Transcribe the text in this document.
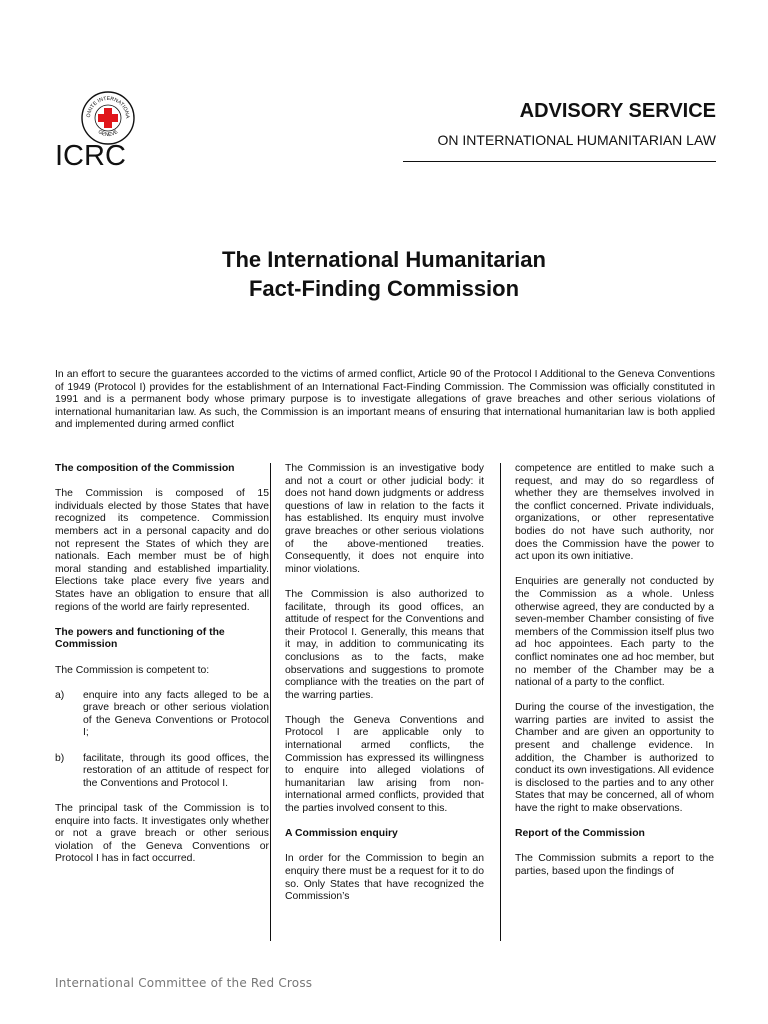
OMITE INTERNATIONA
GENEVE
ICRC
ADVISORY SERVICE
ON INTERNATIONAL HUMANITARIAN LAW
The International Humanitarian
Fact-Finding Commission
In an effort to secure the guarantees accorded to the victims of armed conflict, Article 90 of the Protocol I Additional to the Geneva Conventions of 1949 (Protocol I) provides for the establishment of an International Fact-Finding Commission. The Commission was officially constituted in 1991 and is a permanent body whose primary purpose is to investigate allegations of grave breaches and other serious violations of international humanitarian law. As such, the Commission is an important means of ensuring that international humanitarian law is both applied and implemented during armed conflict
The composition of the Commission

The Commission is composed of 15 individuals elected by those States that have recognized its competence. Commission members act in a personal capacity and do not represent the States of which they are nationals. Each member must be of high moral standing and established impartiality. Elections take place every five years and States have an obligation to ensure that all regions of the world are fairly represented.

The powers and functioning of the Commission

The Commission is competent to:

a)	enquire into any facts alleged to be a grave breach or other serious violation of the Geneva Conventions or Protocol I;
b)	facilitate, through its good offices, the restoration of an attitude of respect for the Conventions and Protocol I.

The principal task of the Commission is to enquire into facts. It investigates only whether or not a grave breach or other serious violation of the Geneva Conventions or Protocol I has in fact occurred.

The Commission is an investigative body and not a court or other judicial body: it does not hand down judgments or address questions of law in relation to the facts it has established. Its enquiry must involve grave breaches or other serious violations of the above-mentioned treaties. Consequently, it does not enquire into minor violations.

The Commission is also authorized to facilitate, through its good offices, an attitude of respect for the Conventions and their Protocol I. Generally, this means that it may, in addition to communicating its conclusions as to the facts, make observations and suggestions to promote compliance with the treaties on the part of the warring parties.

Though the Geneva Conventions and Protocol I are applicable only to international armed conflicts, the Commission has expressed its willingness to enquire into alleged violations of humanitarian law arising from non-international armed conflicts, provided that the parties involved consent to this.

A Commission enquiry

In order for the Commission to begin an enquiry there must be a request for it to do so. Only States that have recognized the Commission’s

competence are entitled to make such a request, and may do so regardless of whether they are themselves involved in the conflict concerned. Private individuals, organizations, or other representative bodies do not have such authority, nor does the Commission have the power to act upon its own initiative.

Enquiries are generally not conducted by the Commission as a whole. Unless otherwise agreed, they are conducted by a seven-member Chamber consisting of five members of the Commission itself plus two ad hoc appointees. Each party to the conflict nominates one ad hoc member, but no member of the Chamber may be a national of a party to the conflict.

During the course of the investigation, the warring parties are invited to assist the Chamber and are given an opportunity to present and challenge evidence. In addition, the Chamber is authorized to conduct its own investigations. All evidence is disclosed to the parties and to any other States that may be concerned, all of whom have the right to make observations.

Report of the Commission

The Commission submits a report to the parties, based upon the findings of

International Committee of the Red Cross
